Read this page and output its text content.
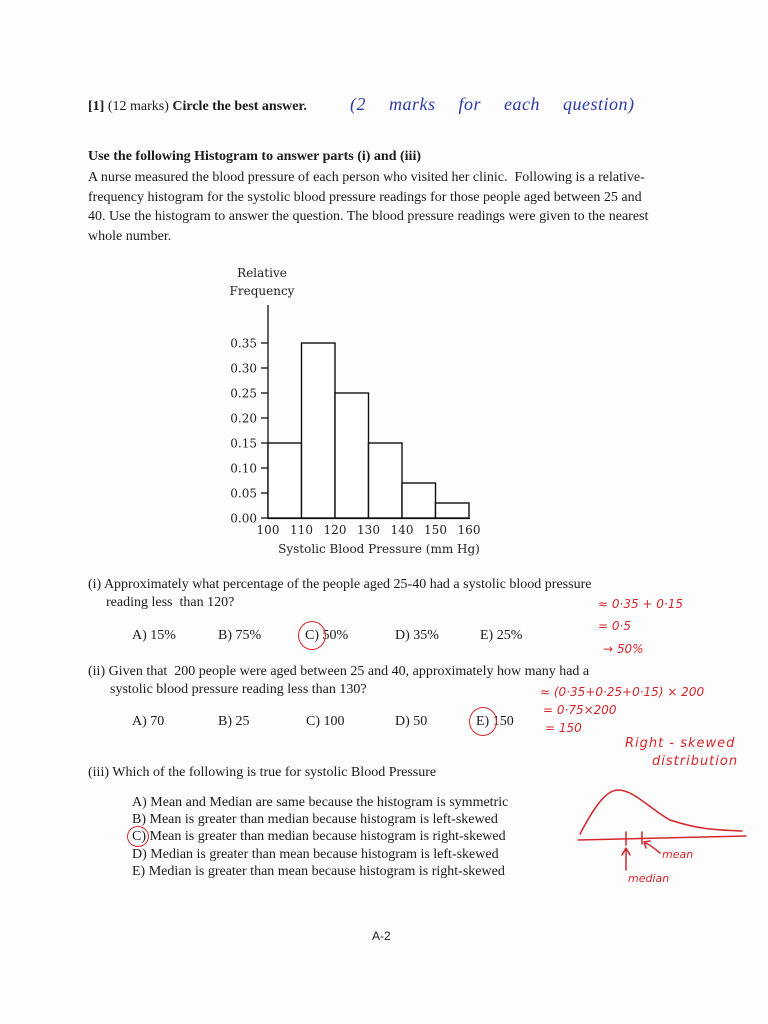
[1] (12 marks) Circle the best answer. (2 marks for each question)
Use the following Histogram to answer parts (i) and (iii)
A nurse measured the blood pressure of each person who visited her clinic.  Following is a relative-
frequency histogram for the systolic blood pressure readings for those people aged between 25 and
40. Use the histogram to answer the question. The blood pressure readings were given to the nearest
whole number.
Relative
Frequency
Systolic Blood Pressure (mm Hg)
0.00
0.05
0.10
0.15
0.20
0.25
0.30
0.35
100 110 120 130 140 150 160
(i) Approximately what percentage of the people aged 25-40 had a systolic blood pressure
reading less  than 120?
A) 15%	B) 75%	C) 50%	D) 35%	E) 25%
≈ 0·35 + 0·15
= 0·5
→ 50%
(ii) Given that  200 people were aged between 25 and 40, approximately how many had a
systolic blood pressure reading less than 130?
A) 70	B) 25	C) 100	D) 50	E) 150
≈ (0·35+0·25+0·15) × 200
= 0·75×200
= 150
(iii) Which of the following is true for systolic Blood Pressure
A) Mean and Median are same because the histogram is symmetric
B) Mean is greater than median because histogram is left-skewed
C) Mean is greater than median because histogram is right-skewed
D) Median is greater than mean because histogram is left-skewed
E) Median is greater than mean because histogram is right-skewed
Right - skewed
distribution
mean
median
A-2
